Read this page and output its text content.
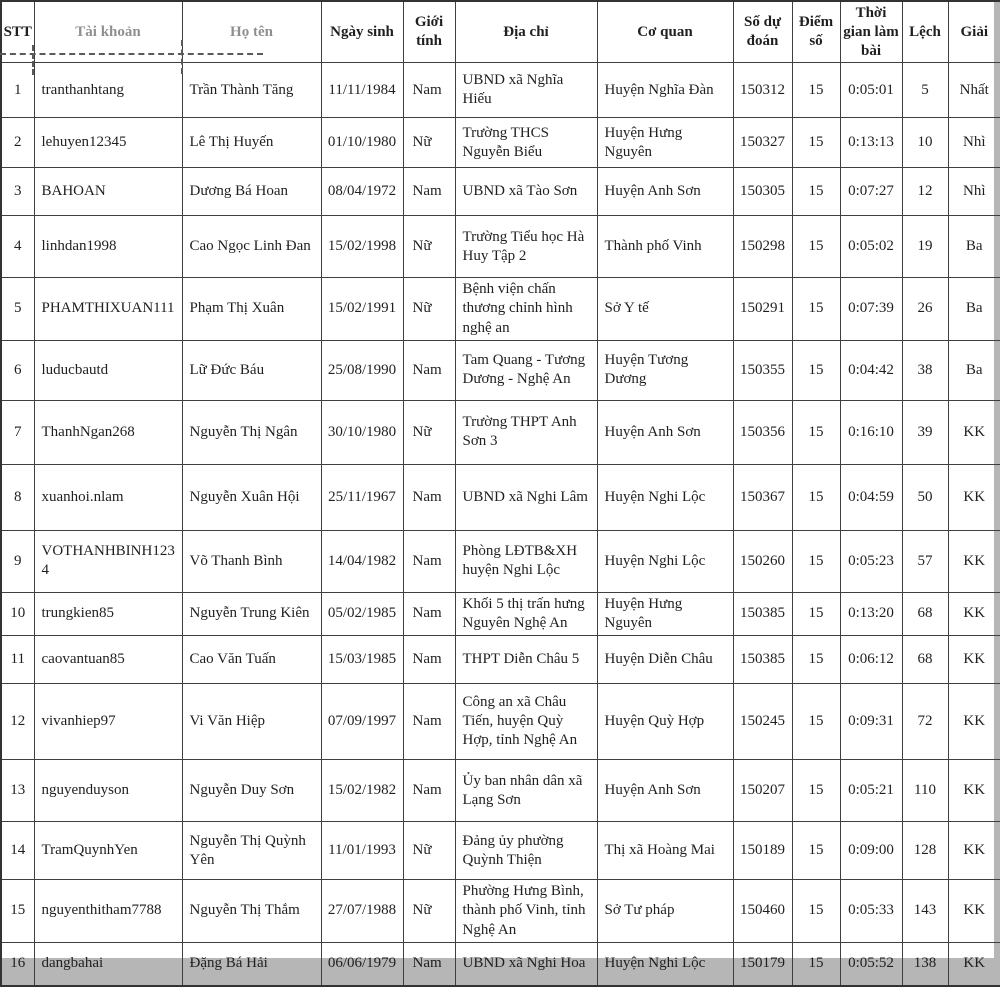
STT	Tài khoản	Họ tên	Ngày sinh	Giới tính	Địa chỉ	Cơ quan	Số dự đoán	Điểm số	Thời gian làm bài	Lệch	Giải
1	tranthanhtang	Trần Thành Tăng	11/11/1984	Nam	UBND xã Nghĩa Hiếu	Huyện Nghĩa Đàn	150312	15	0:05:01	5	Nhất
2	lehuyen12345	Lê Thị Huyến	01/10/1980	Nữ	Trường THCS Nguyễn Biểu	Huyện Hưng Nguyên	150327	15	0:13:13	10	Nhì
3	BAHOAN	Dương Bá Hoan	08/04/1972	Nam	UBND xã Tào Sơn	Huyện Anh Sơn	150305	15	0:07:27	12	Nhì
4	linhdan1998	Cao Ngọc Linh Đan	15/02/1998	Nữ	Trường Tiểu học Hà Huy Tập 2	Thành phố Vinh	150298	15	0:05:02	19	Ba
5	PHAMTHIXUAN111	Phạm Thị Xuân	15/02/1991	Nữ	Bệnh viện chấn thương chỉnh hình nghệ an	Sở Y tế	150291	15	0:07:39	26	Ba
6	luducbautd	Lữ Đức Báu	25/08/1990	Nam	Tam Quang - Tương Dương - Nghệ An	Huyện Tương Dương	150355	15	0:04:42	38	Ba
7	ThanhNgan268	Nguyễn Thị Ngân	30/10/1980	Nữ	Trường THPT Anh Sơn 3	Huyện Anh Sơn	150356	15	0:16:10	39	KK
8	xuanhoi.nlam	Nguyễn Xuân Hội	25/11/1967	Nam	UBND xã Nghi Lâm	Huyện Nghi Lộc	150367	15	0:04:59	50	KK
9	VOTHANHBINH1234	Võ Thanh Bình	14/04/1982	Nam	Phòng LĐTB&XH huyện Nghi Lộc	Huyện Nghi Lộc	150260	15	0:05:23	57	KK
10	trungkien85	Nguyễn Trung Kiên	05/02/1985	Nam	Khối 5 thị trấn hưng Nguyên Nghệ An	Huyện Hưng Nguyên	150385	15	0:13:20	68	KK
11	caovantuan85	Cao Văn Tuấn	15/03/1985	Nam	THPT Diễn Châu 5	Huyện Diễn Châu	150385	15	0:06:12	68	KK
12	vivanhiep97	Vi Văn Hiệp	07/09/1997	Nam	Công an xã Châu Tiến, huyện Quỳ Hợp, tỉnh Nghệ An	Huyện Quỳ Hợp	150245	15	0:09:31	72	KK
13	nguyenduyson	Nguyễn Duy Sơn	15/02/1982	Nam	Ủy ban nhân dân xã Lạng Sơn	Huyện Anh Sơn	150207	15	0:05:21	110	KK
14	TramQuynhYen	Nguyễn Thị Quỳnh Yên	11/01/1993	Nữ	Đảng ủy phường Quỳnh Thiện	Thị xã Hoàng Mai	150189	15	0:09:00	128	KK
15	nguyenthitham7788	Nguyễn Thị Thắm	27/07/1988	Nữ	Phường Hưng Bình, thành phố Vinh, tỉnh Nghệ An	Sở Tư pháp	150460	15	0:05:33	143	KK
16	dangbahai	Đặng Bá Hải	06/06/1979	Nam	UBND xã Nghi Hoa	Huyện Nghi Lộc	150179	15	0:05:52	138	KK
